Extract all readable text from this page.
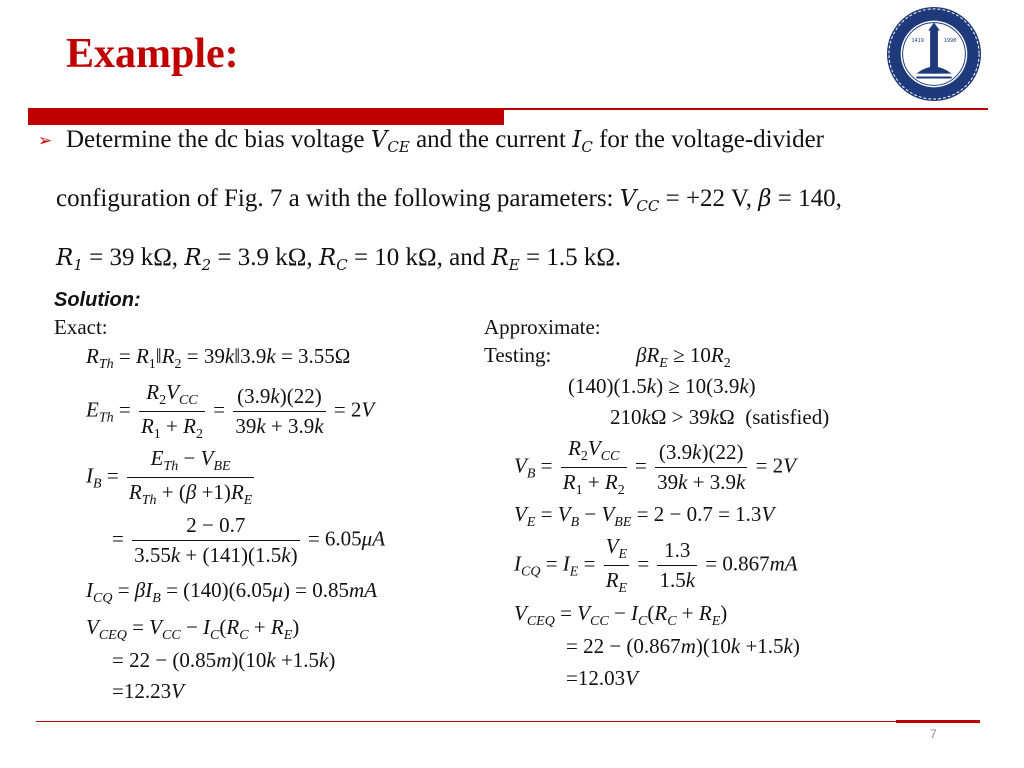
Example:	1419	1998
➢ Determine the dc bias voltage $V_{CE}$ and the current $I_C$ for the voltage-divider
configuration of Fig. 7 a with the following parameters: $V_{CC} = +22$ V, β = 140,
$R_1 = 39$ kΩ, $R_2 = 3.9$ kΩ, $R_C = 10$ kΩ, and $R_E = 1.5$ kΩ.
Solution:
Exact:	Approximate:
Testing:
$R_{Th}$ = $R_1‖R_2$ = 39k‖3.9k = 3.55Ω
$E_{Th} = \frac{R_2V_{CC}}{R_1 + R_2} = \frac{(3.9k)(22)}{39k + 3.9k} = 2V$
$I_B = \frac{E_{Th} - V_{BE}}{R_{Th} + (\beta +1)R_E}$
= $\frac{2 - 0.7}{3.55k + (141)(1.5k)} = 6.05\mu A$
$I_{CQ} = \beta I_B = (140)(6.05\mu) = 0.85mA$
$V_{CEQ} = V_{CC} - I_C(R_C + R_E)$
= 22 − (0.85m)(10k +1.5k)
=12.23V
$\beta R_E \ge 10R_2$
(140)(1.5k) ≥ 10(3.9k)
210kΩ > 39kΩ  (satisfied)
$V_B = \frac{R_2V_{CC}}{R_1 + R_2} = \frac{(3.9k)(22)}{39k + 3.9k} = 2V$
$V_E = V_B - V_{BE} = 2 - 0.7 = 1.3V$
$I_{CQ} = I_E = \frac{V_E}{R_E} = \frac{1.3}{1.5k} = 0.867mA$
$V_{CEQ} = V_{CC} - I_C(R_C + R_E)$
= 22 − (0.867m)(10k +1.5k)
=12.03V
7
